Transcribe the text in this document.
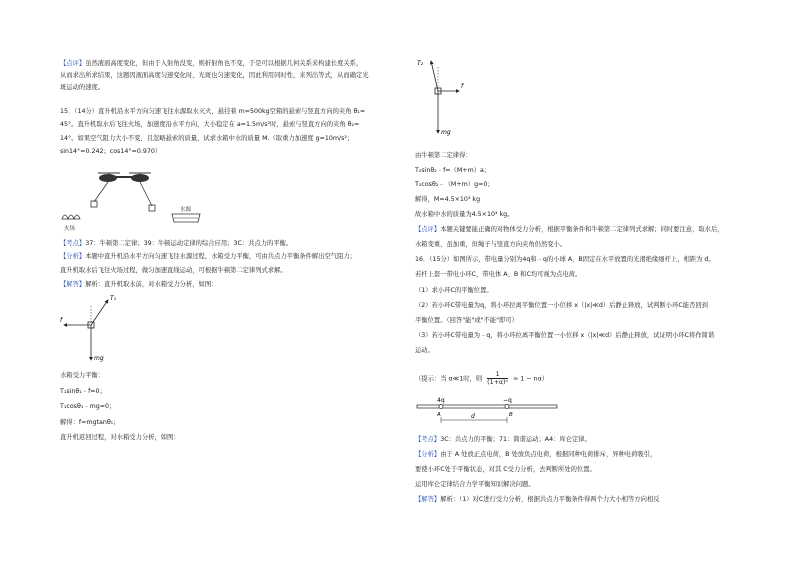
【点评】虽然液面高度变化，但由于入射角没变，则折射角也不变，于是可以根据几何关系来构建长度关系，
从而求出所求结果，这题因液面高度匀速变化时，光斑也匀速变化，因此利用同时性，来列出等式，从而确定光
斑运动的速度。
15．（14分）直升机沿水平方向匀速飞往水源取水灭火，悬挂着 m=500kg空箱的悬索与竖直方向的夹角 θ₁=
45°。直升机取水后飞往火场，加速度沿水平方向，大小稳定在 a=1.5m/s²时，悬索与竖直方向的夹角 θ₂=
14°。如果空气阻力大小不变，且忽略悬索的质量，试求水箱中水的质量 M.（取重力加速度 g=10m/s²；
sin14°=0.242；cos14°=0.970）
火场
水源
【考点】37：牛顿第二定律；39：牛顿运动定律的综合应用；3C：共点力的平衡。
【分析】本题中直升机沿水平方向匀速飞往水源过程，水箱受力平衡，可由共点力平衡条件解出空气阻力；
直升机取水后飞往火场过程，做匀加速直线运动，可根据牛顿第二定律列式求解。
【解答】解析：直升机取水前，对水箱受力分析，如图：
f
T₁
mg
水箱受力平衡：
T₁sinθ₁﹣f=0；
T₁cosθ₁﹣mg=0；
解得：f=mgtanθ₁；
直升机返回过程，对水箱受力分析，如图：
T₂
f
mg
由牛顿第二定律得：
T₂sinθ₂﹣f=（M+m）a；
T₂cosθ₂﹣（M+m）g=0；
解得，M=4.5×10³ kg
故水箱中水的质量为4.5×10³ kg。
【点评】本题关键要能正确的对物体受力分析，根据平衡条件和牛顿第二定律列式求解；同时要注意，取水后，
水箱变重，虽加重，但绳子与竖直方向夹角仍然变小。
16．（15分）如图所示，带电量分别为4q和﹣q的小球 A、B固定在水平放置的光滑绝缘细杆上，相距为 d。
若杆上套一带电小环C，带电体 A、B 和C均可视为点电荷。
（1）求小环C的平衡位置。
（2）若小环C带电量为q，将小环拉离平衡位置一小位移 x（|x|≪d）后静止释放，试判断小环C能否回到
平衡位置。（回答"能"或"不能"即可）
（3）若小环C带电量为﹣q，将小环拉离平衡位置一小位移 x（|x|≪d）后静止释放，试证明小环C将作简谐
运动。
（提示：当 α≪1时，则 $\frac{1}{\text{(1+α)ⁿ}} \approx 1 - n\alpha$）
4q	−q
A	B
d
【考点】3C：共点力的平衡；71：简谐运动；A4：库仑定律。
【分析】由于 A 处放正点电荷，B 处放负点电荷，根据同种电荷排斥，异种电荷吸引，
要使小环C处于平衡状态，对其 C受力分析，去判断所处的位置。
运用库仑定律结合力学平衡知识解决问题。
【解答】解析：（1）对C进行受力分析，根据共点力平衡条件得两个力大小相等方向相反
